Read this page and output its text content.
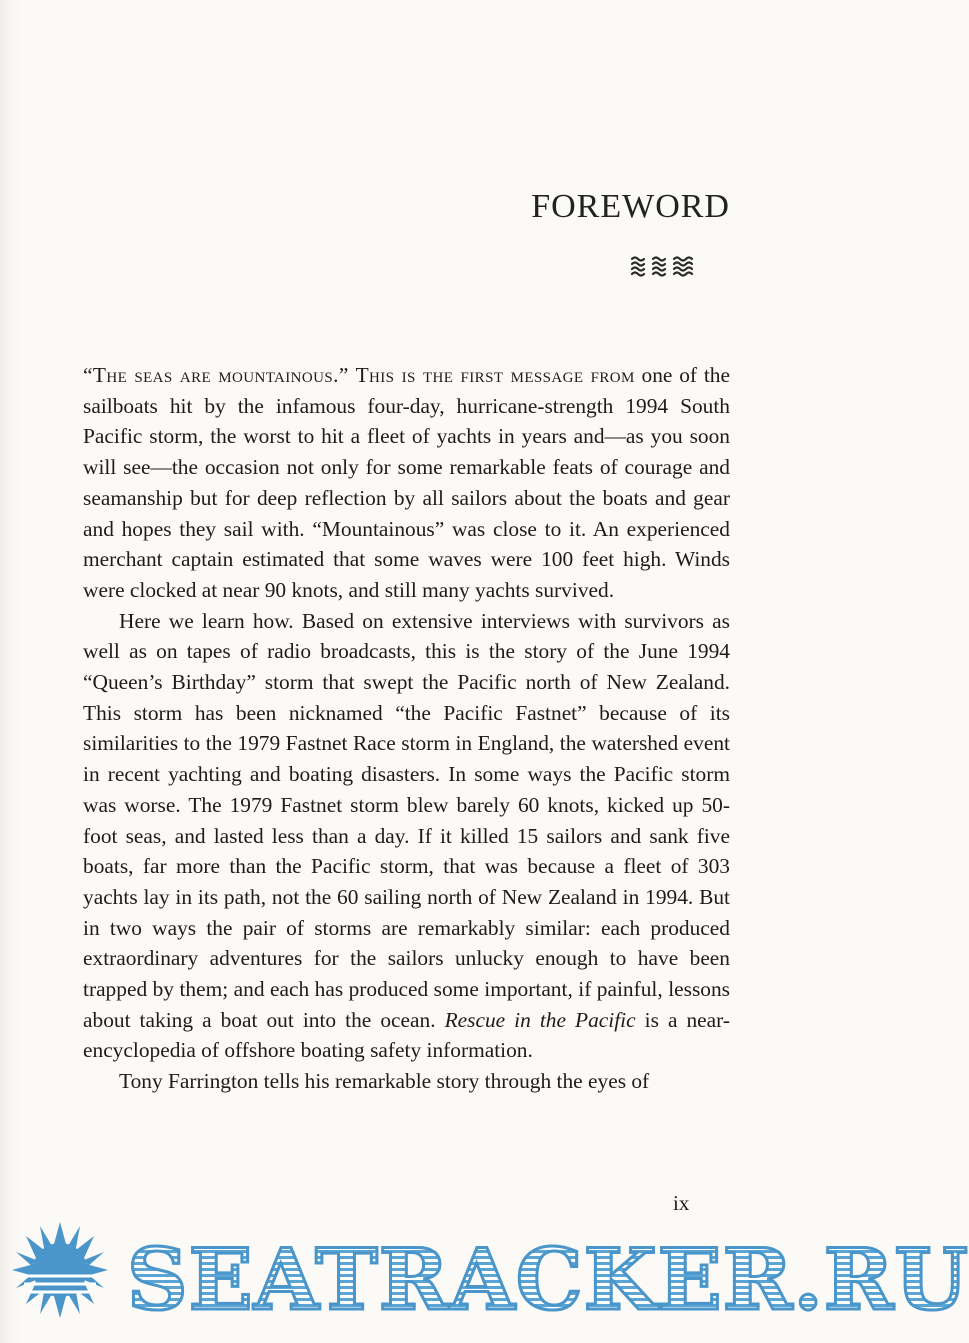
FOREWORD

“The seas are mountainous.” This is the first message from one of the sailboats hit by the infamous four-day, hurricane-strength 1994 South Pacific storm, the worst to hit a fleet of yachts in years and—as you soon will see—the occasion not only for some remarkable feats of courage and seamanship but for deep reflection by all sailors about the boats and gear and hopes they sail with. “Mountainous” was close to it. An experienced merchant captain estimated that some waves were 100 feet high. Winds were clocked at near 90 knots, and still many yachts survived.

Here we learn how. Based on extensive interviews with survivors as well as on tapes of radio broadcasts, this is the story of the June 1994 “Queen’s Birthday” storm that swept the Pacific north of New Zealand. This storm has been nicknamed “the Pacific Fastnet” because of its similarities to the 1979 Fastnet Race storm in England, the watershed event in recent yachting and boating disasters. In some ways the Pacific storm was worse. The 1979 Fastnet storm blew barely 60 knots, kicked up 50-foot seas, and lasted less than a day. If it killed 15 sailors and sank five boats, far more than the Pacific storm, that was because a fleet of 303 yachts lay in its path, not the 60 sailing north of New Zealand in 1994. But in two ways the pair of storms are remarkably similar: each produced extraordinary adventures for the sailors unlucky enough to have been trapped by them; and each has produced some important, if painful, lessons about taking a boat out into the ocean. Rescue in the Pacific is a near-encyclopedia of offshore boating safety information.

Tony Farrington tells his remarkable story through the eyes of

ix
SEATRACKER.RU
